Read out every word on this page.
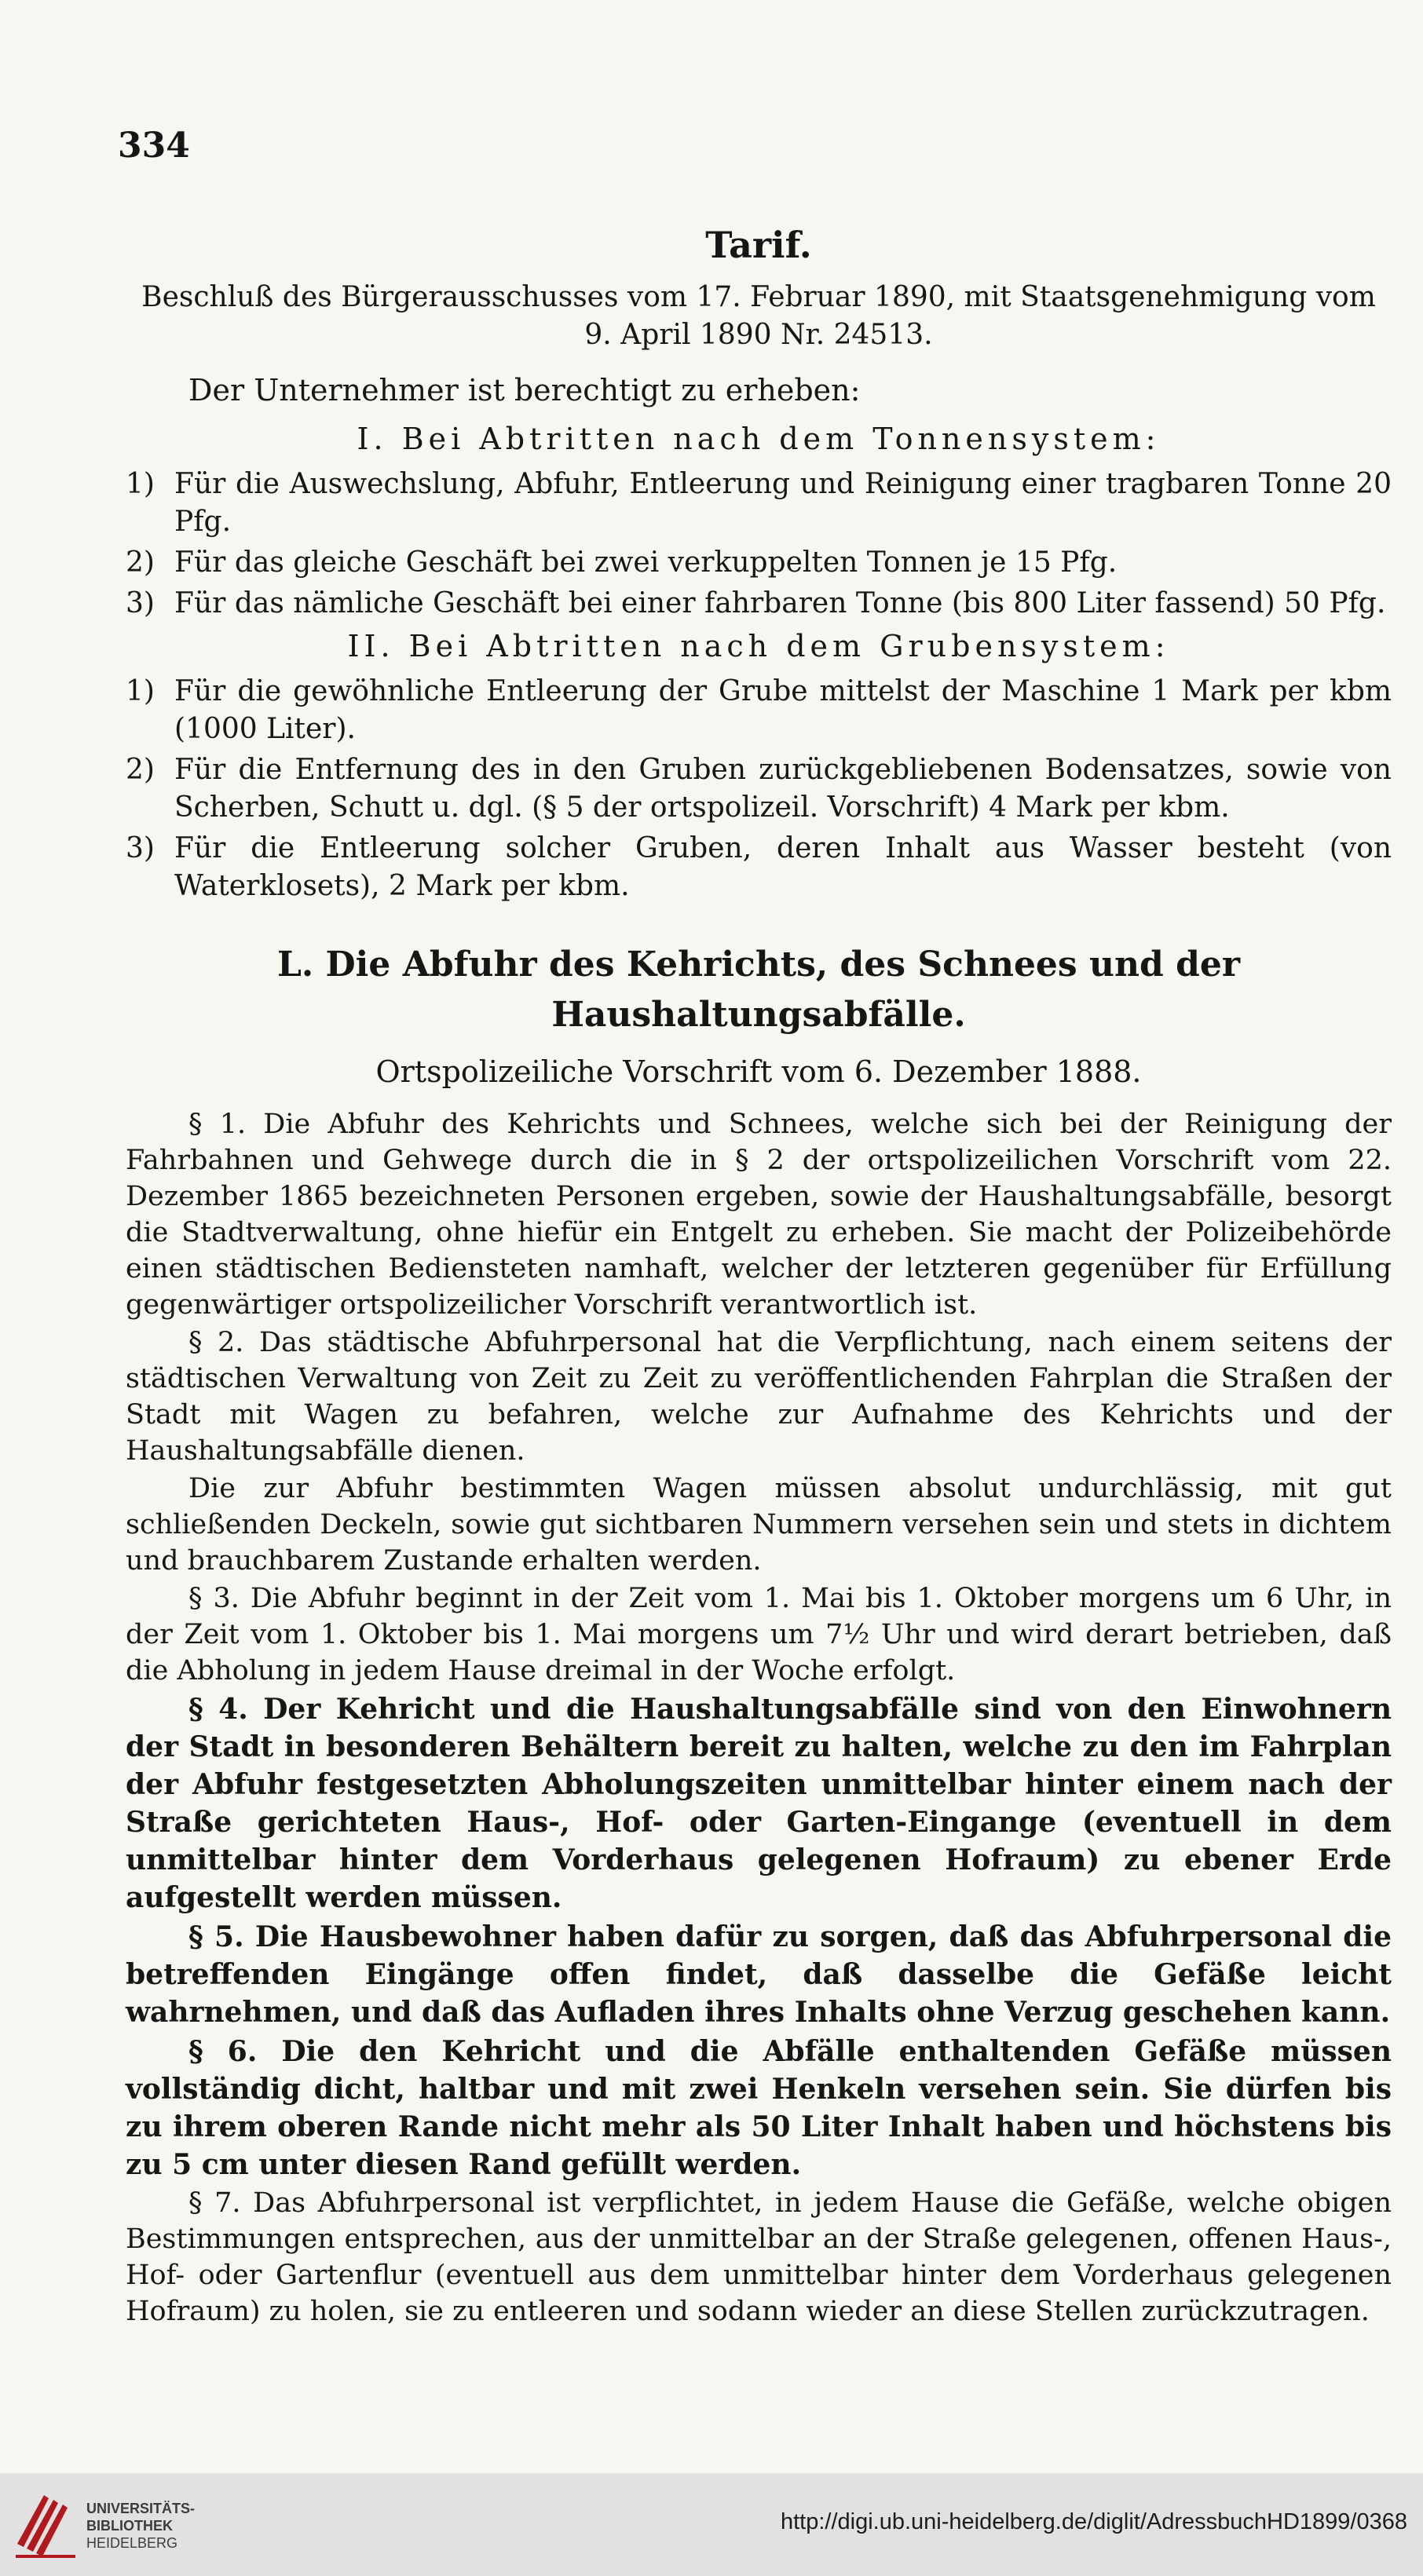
334
Tarif.
Beschluß des Bürgerausschusses vom 17. Februar 1890, mit Staatsgenehmigung vom 9. April 1890 Nr. 24513.
Der Unternehmer ist berechtigt zu erheben:
I. Bei Abtritten nach dem Tonnensystem:
1) Für die Auswechslung, Abfuhr, Entleerung und Reinigung einer tragbaren Tonne 20 Pfg.
2) Für das gleiche Geschäft bei zwei verkuppelten Tonnen je 15 Pfg.
3) Für das nämliche Geschäft bei einer fahrbaren Tonne (bis 800 Liter fassend) 50 Pfg.
II. Bei Abtritten nach dem Grubensystem:
1) Für die gewöhnliche Entleerung der Grube mittelst der Maschine 1 Mark per kbm (1000 Liter).
2) Für die Entfernung des in den Gruben zurückgebliebenen Bodensatzes, sowie von Scherben, Schutt u. dgl. (§ 5 der ortspolizeil. Vorschrift) 4 Mark per kbm.
3) Für die Entleerung solcher Gruben, deren Inhalt aus Wasser besteht (von Waterklosets), 2 Mark per kbm.
L. Die Abfuhr des Kehrichts, des Schnees und der Haushaltungsabfälle.
Ortspolizeiliche Vorschrift vom 6. Dezember 1888.

§ 1. Die Abfuhr des Kehrichts und Schnees, welche sich bei der Reinigung der Fahrbahnen und Gehwege durch die in § 2 der ortspolizeilichen Vorschrift vom 22. Dezember 1865 bezeichneten Personen ergeben, sowie der Haushaltungsabfälle, besorgt die Stadtverwaltung, ohne hiefür ein Entgelt zu erheben. Sie macht der Polizeibehörde einen städtischen Bediensteten namhaft, welcher der letzteren gegenüber für Erfüllung gegenwärtiger ortspolizeilicher Vorschrift verantwortlich ist.

§ 2. Das städtische Abfuhrpersonal hat die Verpflichtung, nach einem seitens der städtischen Verwaltung von Zeit zu Zeit zu veröffentlichenden Fahrplan die Straßen der Stadt mit Wagen zu befahren, welche zur Aufnahme des Kehrichts und der Haushaltungsabfälle dienen.

Die zur Abfuhr bestimmten Wagen müssen absolut undurchlässig, mit gut schließenden Deckeln, sowie gut sichtbaren Nummern versehen sein und stets in dichtem und brauchbarem Zustande erhalten werden.

§ 3. Die Abfuhr beginnt in der Zeit vom 1. Mai bis 1. Oktober morgens um 6 Uhr, in der Zeit vom 1. Oktober bis 1. Mai morgens um 7½ Uhr und wird derart betrieben, daß die Abholung in jedem Hause dreimal in der Woche erfolgt.

§ 4. Der Kehricht und die Haushaltungsabfälle sind von den Einwohnern der Stadt in besonderen Behältern bereit zu halten, welche zu den im Fahrplan der Abfuhr festgesetzten Abholungszeiten unmittelbar hinter einem nach der Straße gerichteten Haus-, Hof- oder Garten-Eingange (eventuell in dem unmittelbar hinter dem Vorderhaus gelegenen Hofraum) zu ebener Erde aufgestellt werden müssen.

§ 5. Die Hausbewohner haben dafür zu sorgen, daß das Abfuhrpersonal die betreffenden Eingänge offen findet, daß dasselbe die Gefäße leicht wahrnehmen, und daß das Aufladen ihres Inhalts ohne Verzug geschehen kann.

§ 6. Die den Kehricht und die Abfälle enthaltenden Gefäße müssen vollständig dicht, haltbar und mit zwei Henkeln versehen sein. Sie dürfen bis zu ihrem oberen Rande nicht mehr als 50 Liter Inhalt haben und höchstens bis zu 5 cm unter diesen Rand gefüllt werden.

§ 7. Das Abfuhrpersonal ist verpflichtet, in jedem Hause die Gefäße, welche obigen Bestimmungen entsprechen, aus der unmittelbar an der Straße gelegenen, offenen Haus-, Hof- oder Gartenflur (eventuell aus dem unmittelbar hinter dem Vorderhaus gelegenen Hofraum) zu holen, sie zu entleeren und sodann wieder an diese Stellen zurückzutragen.

UNIVERSITÄTS-
BIBLIOTHEK
HEIDELBERG
http://digi.ub.uni-heidelberg.de/diglit/AdressbuchHD1899/0368
